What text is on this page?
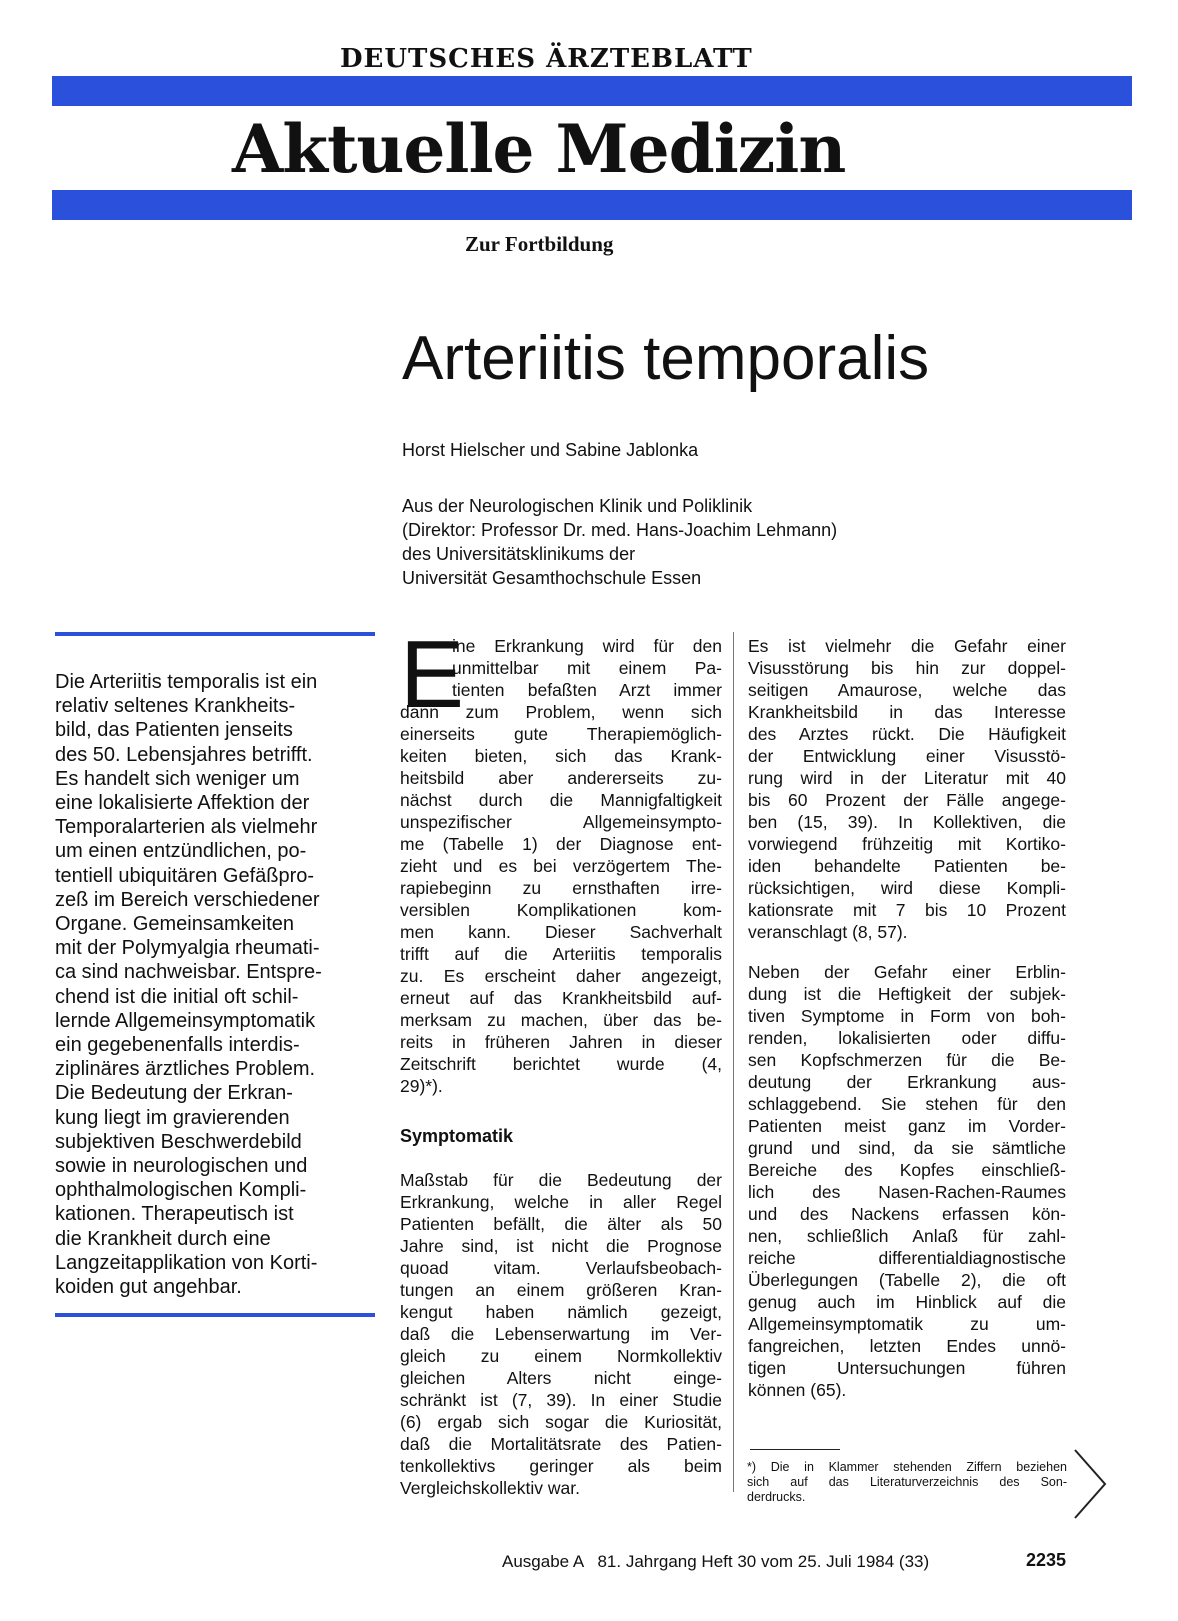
DEUTSCHES ÄRZTEBLATT
Aktuelle Medizin
Zur Fortbildung
Arteriitis temporalis
Horst Hielscher und Sabine Jablonka
Aus der Neurologischen Klinik und Poliklinik
(Direktor: Professor Dr. med. Hans-Joachim Lehmann)
des Universitätsklinikums der
Universität Gesamthochschule Essen
Die Arteriitis temporalis ist ein
relativ seltenes Krankheits-
bild, das Patienten jenseits
des 50. Lebensjahres betrifft.
Es handelt sich weniger um
eine lokalisierte Affektion der
Temporalarterien als vielmehr
um einen entzündlichen, po-
tentiell ubiquitären Gefäßpro-
zeß im Bereich verschiedener
Organe. Gemeinsamkeiten
mit der Polymyalgia rheumati-
ca sind nachweisbar. Entspre-
chend ist die initial oft schil-
lernde Allgemeinsymptomatik
ein gegebenenfalls interdis-
ziplinäres ärztliches Problem.
Die Bedeutung der Erkran-
kung liegt im gravierenden
subjektiven Beschwerdebild
sowie in neurologischen und
ophthalmologischen Kompli-
kationen. Therapeutisch ist
die Krankheit durch eine
Langzeitapplikation von Korti-
koiden gut angehbar.
E
ine Erkrankung wird für den
unmittelbar mit einem Pa-
tienten befaßten Arzt immer
dann zum Problem, wenn sich
einerseits gute Therapiemöglich-
keiten bieten, sich das Krank-
heitsbild aber andererseits zu-
nächst durch die Mannigfaltigkeit
unspezifischer Allgemeinsympto-
me (Tabelle 1) der Diagnose ent-
zieht und es bei verzögertem The-
rapiebeginn zu ernsthaften irre-
versiblen Komplikationen kom-
men kann. Dieser Sachverhalt
trifft auf die Arteriitis temporalis
zu. Es erscheint daher angezeigt,
erneut auf das Krankheitsbild auf-
merksam zu machen, über das be-
reits in früheren Jahren in dieser
Zeitschrift berichtet wurde (4,
29)*).
Symptomatik
Maßstab für die Bedeutung der
Erkrankung, welche in aller Regel
Patienten befällt, die älter als 50
Jahre sind, ist nicht die Prognose
quoad vitam. Verlaufsbeobach-
tungen an einem größeren Kran-
kengut haben nämlich gezeigt,
daß die Lebenserwartung im Ver-
gleich zu einem Normkollektiv
gleichen Alters nicht einge-
schränkt ist (7, 39). In einer Studie
(6) ergab sich sogar die Kuriosität,
daß die Mortalitätsrate des Patien-
tenkollektivs geringer als beim
Vergleichskollektiv war.
Es ist vielmehr die Gefahr einer
Visusstörung bis hin zur doppel-
seitigen Amaurose, welche das
Krankheitsbild in das Interesse
des Arztes rückt. Die Häufigkeit
der Entwicklung einer Visusstö-
rung wird in der Literatur mit 40
bis 60 Prozent der Fälle angege-
ben (15, 39). In Kollektiven, die
vorwiegend frühzeitig mit Kortiko-
iden behandelte Patienten be-
rücksichtigen, wird diese Kompli-
kationsrate mit 7 bis 10 Prozent
veranschlagt (8, 57).
Neben der Gefahr einer Erblin-
dung ist die Heftigkeit der subjek-
tiven Symptome in Form von boh-
renden, lokalisierten oder diffu-
sen Kopfschmerzen für die Be-
deutung der Erkrankung aus-
schlaggebend. Sie stehen für den
Patienten meist ganz im Vorder-
grund und sind, da sie sämtliche
Bereiche des Kopfes einschließ-
lich des Nasen-Rachen-Raumes
und des Nackens erfassen kön-
nen, schließlich Anlaß für zahl-
reiche differentialdiagnostische
Überlegungen (Tabelle 2), die oft
genug auch im Hinblick auf die
Allgemeinsymptomatik zu um-
fangreichen, letzten Endes unnö-
tigen Untersuchungen führen
können (65).
*) Die in Klammer stehenden Ziffern beziehen
sich auf das Literaturverzeichnis des Son-
derdrucks.
Ausgabe A   81. Jahrgang Heft 30 vom 25. Juli 1984 (33)	2235
